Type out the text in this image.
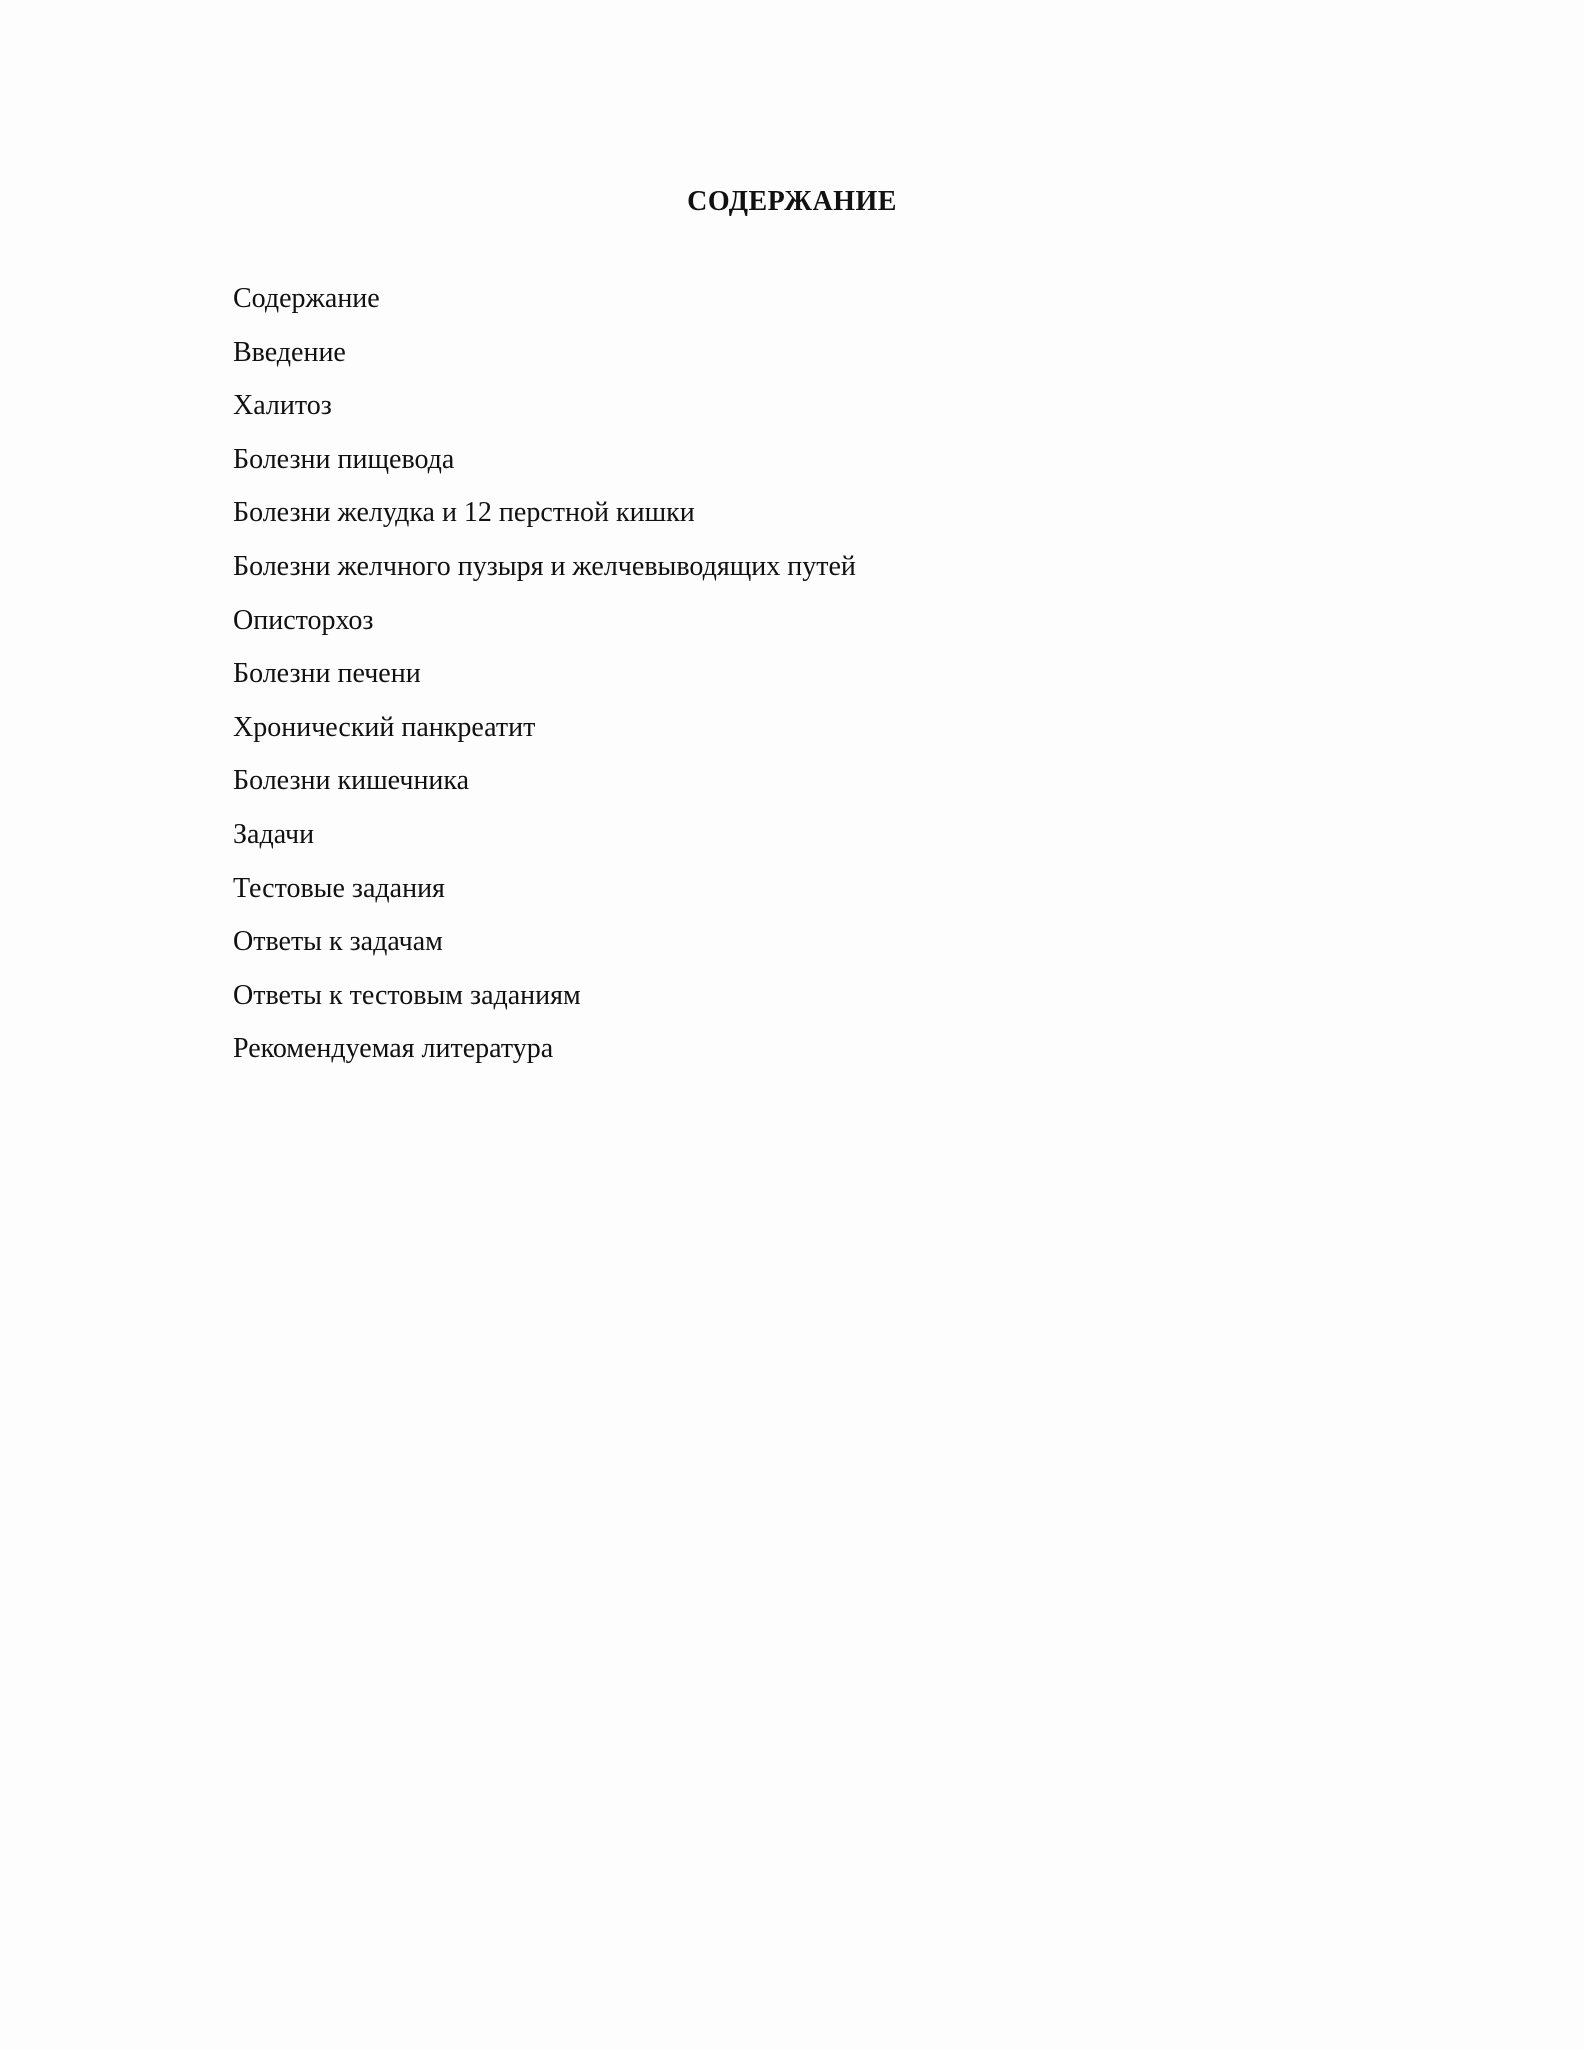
СОДЕРЖАНИЕ
Содержание
Введение
Халитоз
Болезни пищевода
Болезни желудка и 12 перстной кишки
Болезни желчного пузыря и желчевыводящих путей
Описторхоз
Болезни печени
Хронический панкреатит
Болезни кишечника
Задачи
Тестовые задания
Ответы к задачам
Ответы к тестовым заданиям
Рекомендуемая литература
